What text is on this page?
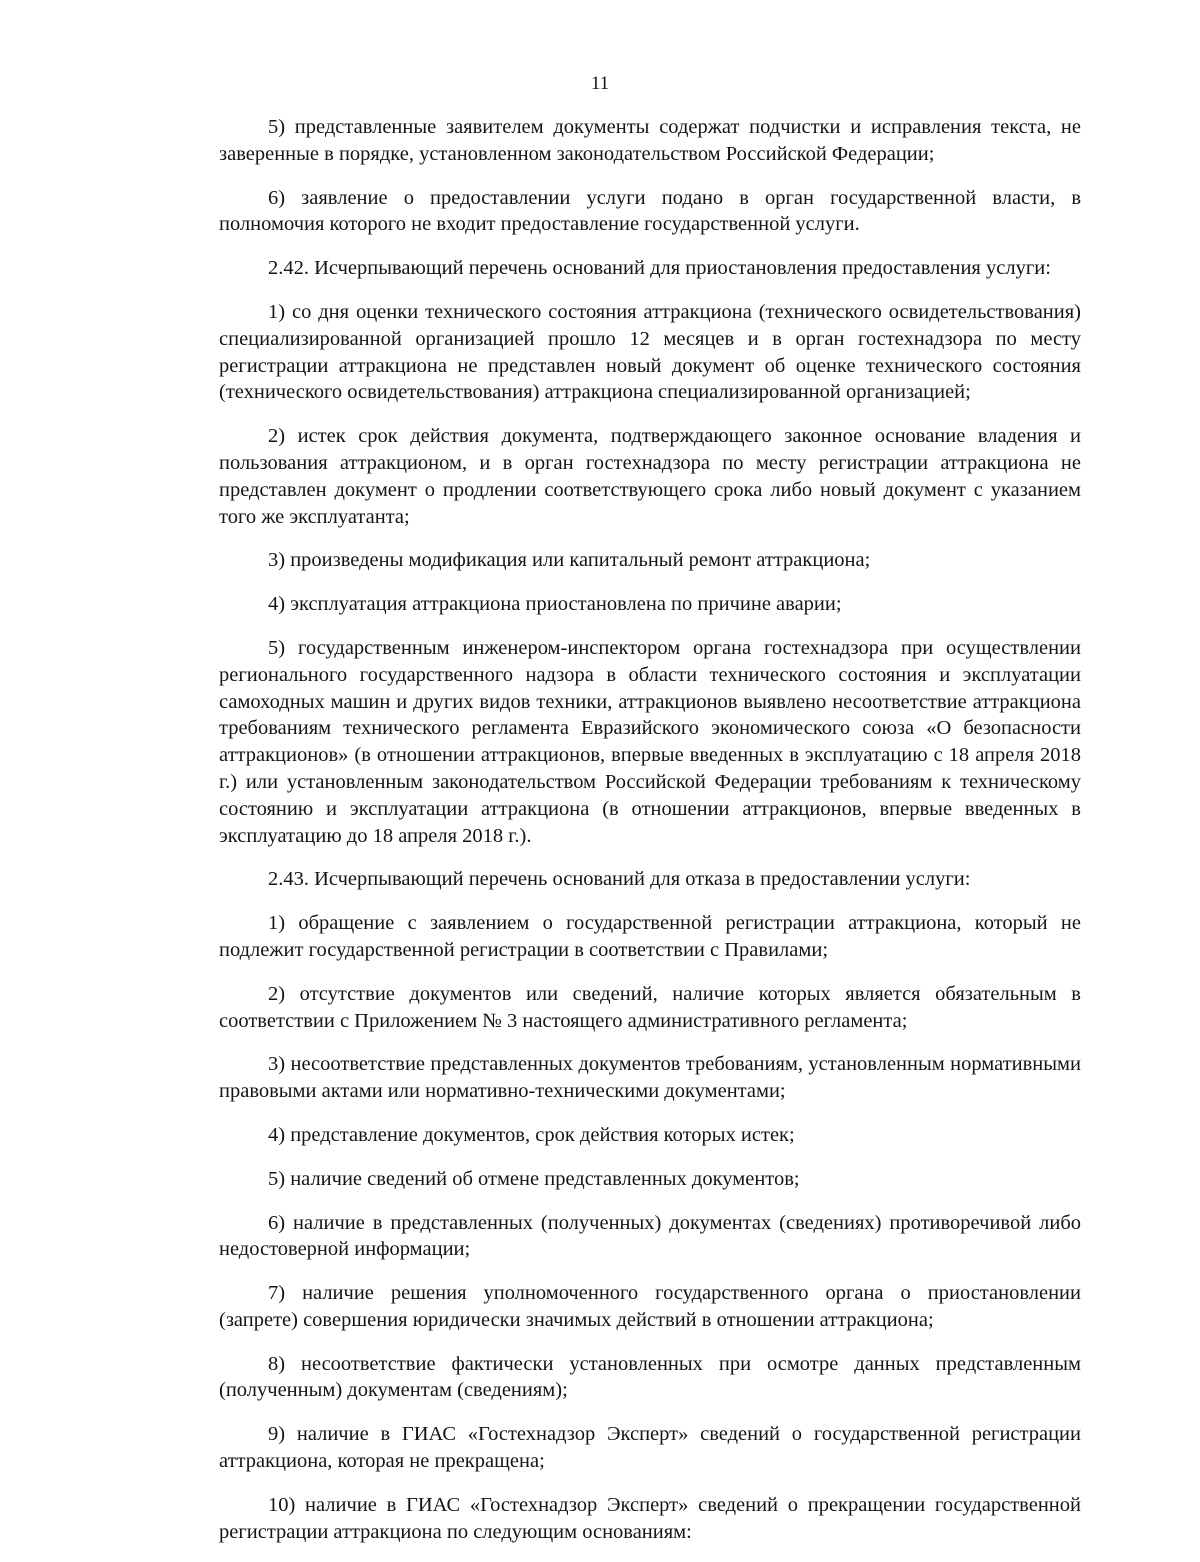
11

5) представленные заявителем документы содержат подчистки и исправления текста, не заверенные в порядке, установленном законодательством Российской Федерации;

6) заявление о предоставлении услуги подано в орган государственной власти, в полномочия которого не входит предоставление государственной услуги.

2.42. Исчерпывающий перечень оснований для приостановления предоставления услуги:

1) со дня оценки технического состояния аттракциона (технического освидетельствования) специализированной организацией прошло 12 месяцев и в орган гостехнадзора по месту регистрации аттракциона не представлен новый документ об оценке технического состояния (технического освидетельствования) аттракциона специализированной организацией;

2) истек срок действия документа, подтверждающего законное основание владения и пользования аттракционом, и в орган гостехнадзора по месту регистрации аттракциона не представлен документ о продлении соответствующего срока либо новый документ с указанием того же эксплуатанта;

3) произведены модификация или капитальный ремонт аттракциона;

4) эксплуатация аттракциона приостановлена по причине аварии;

5) государственным инженером-инспектором органа гостехнадзора при осуществлении регионального государственного надзора в области технического состояния и эксплуатации самоходных машин и других видов техники, аттракционов выявлено несоответствие аттракциона требованиям технического регламента Евразийского экономического союза «О безопасности аттракционов» (в отношении аттракционов, впервые введенных в эксплуатацию с 18 апреля 2018 г.) или установленным законодательством Российской Федерации требованиям к техническому состоянию и эксплуатации аттракциона (в отношении аттракционов, впервые введенных в эксплуатацию до 18 апреля 2018 г.).

2.43. Исчерпывающий перечень оснований для отказа в предоставлении услуги:

1) обращение с заявлением о государственной регистрации аттракциона, который не подлежит государственной регистрации в соответствии с Правилами;

2) отсутствие документов или сведений, наличие которых является обязательным в соответствии с Приложением № 3 настоящего административного регламента;

3) несоответствие представленных документов требованиям, установленным нормативными правовыми актами или нормативно-техническими документами;

4) представление документов, срок действия которых истек;

5) наличие сведений об отмене представленных документов;

6) наличие в представленных (полученных) документах (сведениях) противоречивой либо недостоверной информации;

7) наличие решения уполномоченного государственного органа о приостановлении (запрете) совершения юридически значимых действий в отношении аттракциона;

8) несоответствие фактически установленных при осмотре данных представленным (полученным) документам (сведениям);

9) наличие в ГИАС «Гостехнадзор Эксперт» сведений о государственной регистрации аттракциона, которая не прекращена;

10) наличие в ГИАС «Гостехнадзор Эксперт» сведений о прекращении государственной регистрации аттракциона по следующим основаниям:
